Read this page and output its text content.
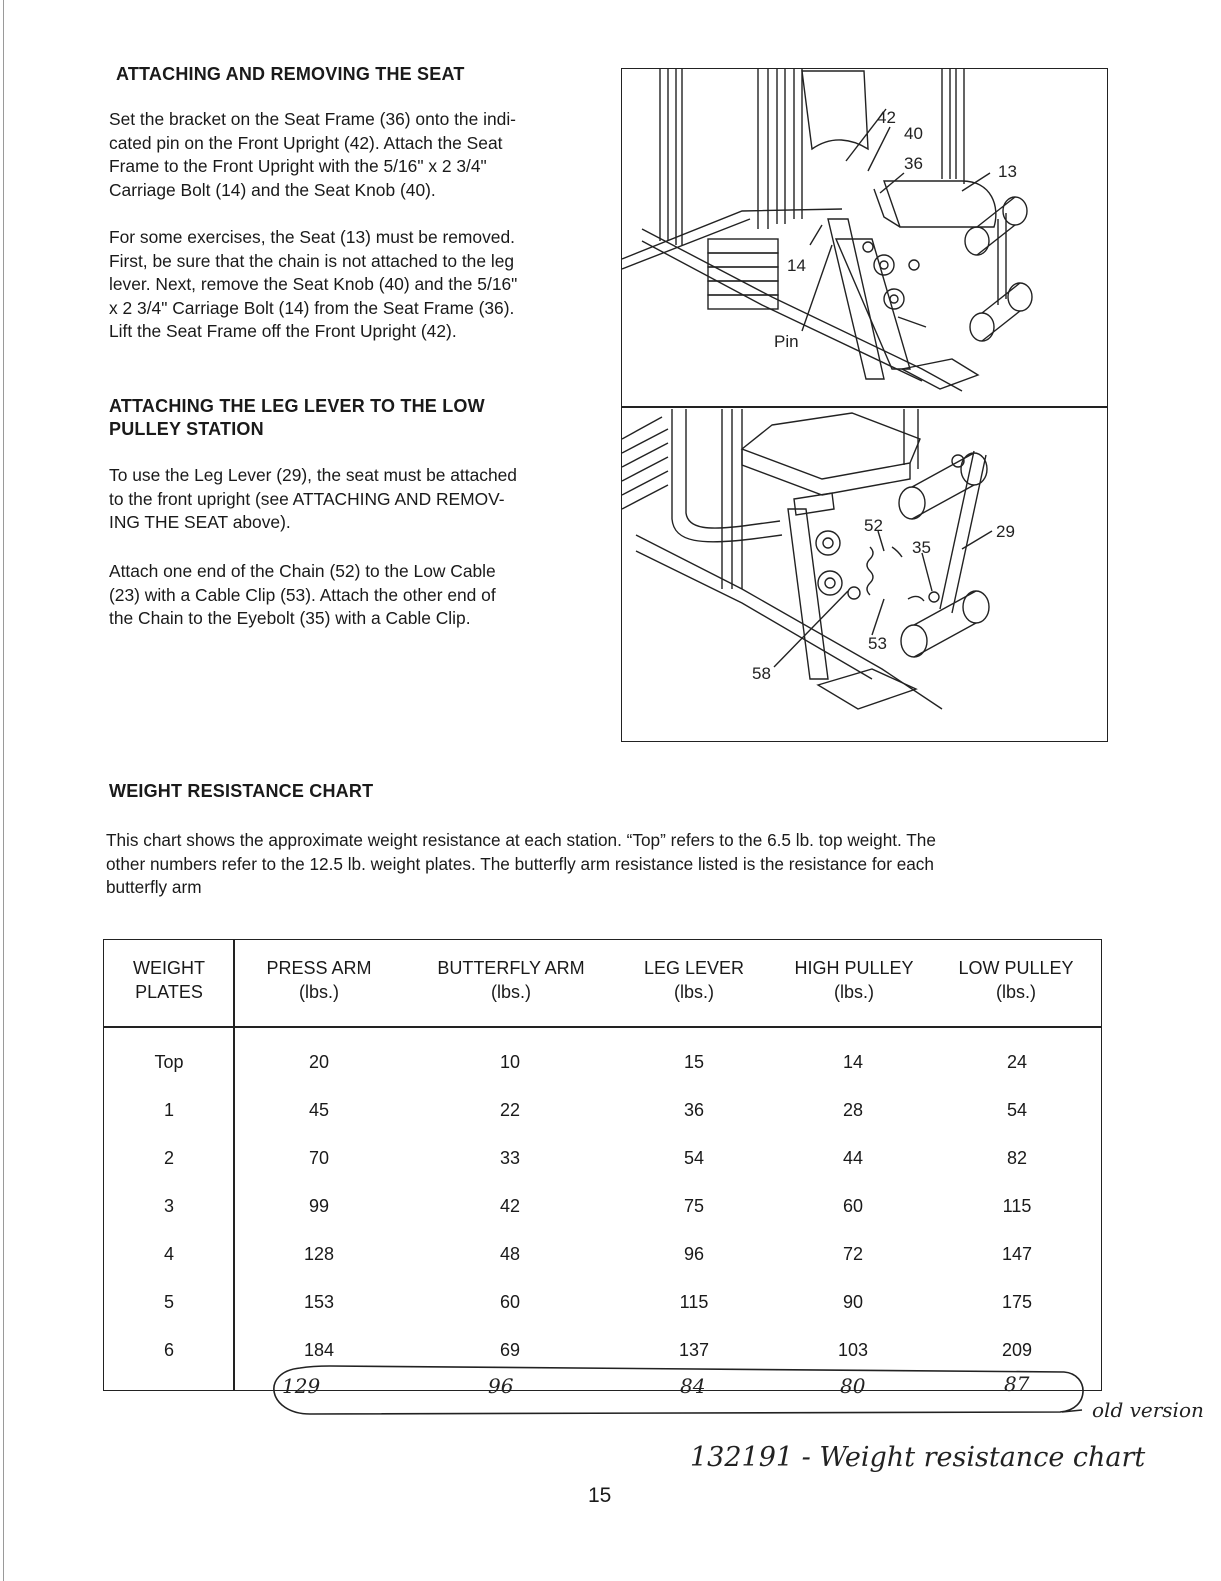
ATTACHING AND REMOVING THE SEAT
Set the bracket on the Seat Frame (36) onto the indi-
cated pin on the Front Upright (42). Attach the Seat
Frame to the Front Upright with the 5/16" x 2 3/4"
Carriage Bolt (14) and the Seat Knob (40).
For some exercises, the Seat (13) must be removed.
First, be sure that the chain is not attached to the leg
lever. Next, remove the Seat Knob (40) and the 5/16"
x 2 3/4" Carriage Bolt (14) from the Seat Frame (36).
Lift the Seat Frame off the Front Upright (42).
ATTACHING THE LEG LEVER TO THE LOW
PULLEY STATION
To use the Leg Lever (29), the seat must be attached
to the front upright (see ATTACHING AND REMOV-
ING THE SEAT above).
Attach one end of the Chain (52) to the Low Cable
(23) with a Cable Clip (53). Attach the other end of
the Chain to the Eyebolt (35) with a Cable Clip.
42
40
36	13
14
Pin
52
35
29
53
58
WEIGHT RESISTANCE CHART
This chart shows the approximate weight resistance at each station. “Top” refers to the 6.5 lb. top weight. The
other numbers refer to the 12.5 lb. weight plates. The butterfly arm resistance listed is the resistance for each
butterfly arm
WEIGHT
PLATES
PRESS ARM
(lbs.)
BUTTERFLY ARM
(lbs.)
LEG LEVER
(lbs.)
HIGH PULLEY
(lbs.)
LOW PULLEY
(lbs.)
Top	20	10	15	14	24
1	45	22	36	28	54
2	70	33	54	44	82
3	99	42	75	60	115
4	128	48	96	72	147
5	153	60	115	90	175
6	184	69	137	103	209
129	96	84	80	87
old version
132191 - Weight resistance chart
15
